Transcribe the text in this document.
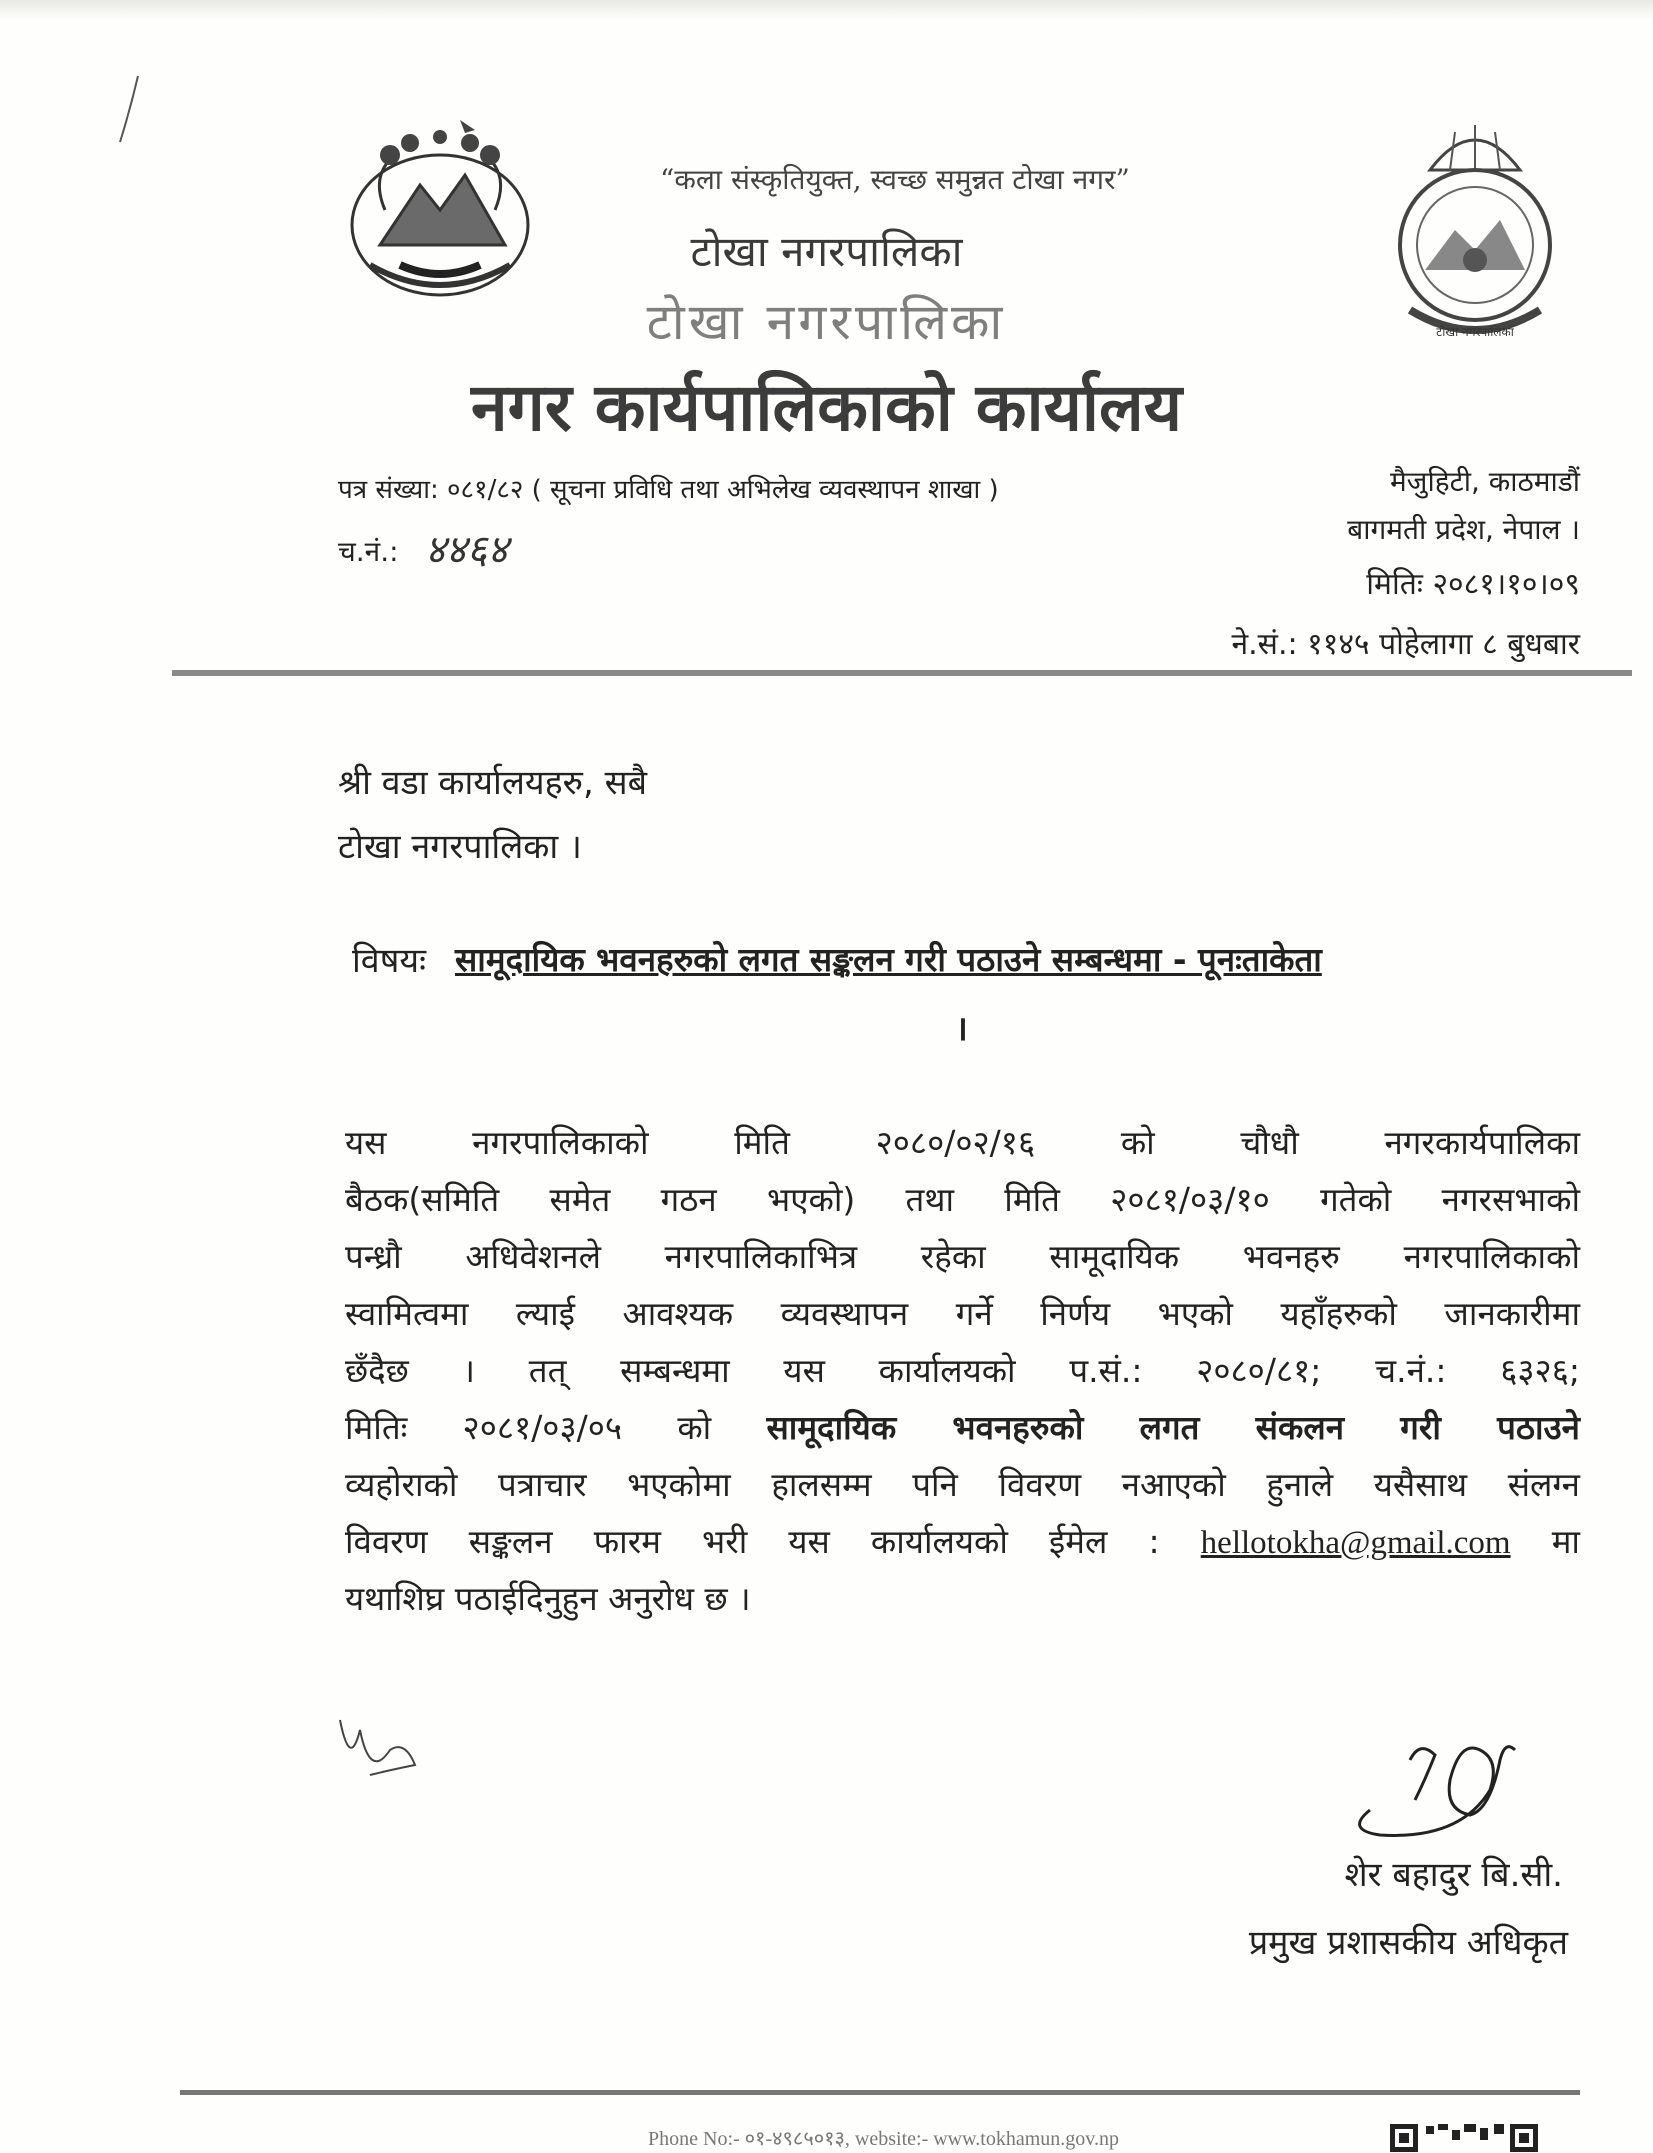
टोखा नगरपालिका
“कला संस्कृतियुक्त, स्वच्छ समुन्नत टोखा नगर”
टोखा नगरपालिका
टोखा नगरपालिका
नगर कार्यपालिकाको कार्यालय
पत्र संख्या: ०८१/८२ ( सूचना प्रविधि तथा अभिलेख व्यवस्थापन शाखा )
च.नं.: ४४६४
मैजुहिटी, काठमाडौं
बागमती प्रदेश, नेपाल ।
मितिः २०८१।१०।०९
ने.सं.: ११४५ पोहेलागा ८ बुधबार
श्री वडा कार्यालयहरु, सबै
टोखा नगरपालिका ।
विषयः सामूदायिक भवनहरुको लगत सङ्कलन गरी पठाउने सम्बन्धमा - पूनःताकेता
।
यस नगरपालिकाको मिति २०८०/०२/१६ को चौधौ नगरकार्यपालिका
बैठक(समिति समेत गठन भएको) तथा मिति २०८१/०३/१० गतेको नगरसभाको
पन्ध्रौ अधिवेशनले नगरपालिकाभित्र रहेका सामूदायिक भवनहरु नगरपालिकाको
स्वामित्वमा ल्याई आवश्यक व्यवस्थापन गर्ने निर्णय भएको यहाँहरुको जानकारीमा
छँदैछ । तत् सम्बन्धमा यस कार्यालयको प.सं.: २०८०/८१; च.नं.: ६३२६;
मितिः २०८१/०३/०५ को सामूदायिक भवनहरुको लगत संकलन गरी पठाउने
व्यहोराको पत्राचार भएकोमा हालसम्म पनि विवरण नआएको हुनाले यसैसाथ संलग्न
विवरण सङ्कलन फारम भरी यस कार्यालयको ईमेल : hellotokha@gmail.com मा
यथाशिघ्र पठाईदिनुहुन अनुरोध छ ।
शेर बहादुर बि.सी.
प्रमुख प्रशासकीय अधिकृत
Phone No:- ०१-४९८५०१३, website:- www.tokhamun.gov.np
